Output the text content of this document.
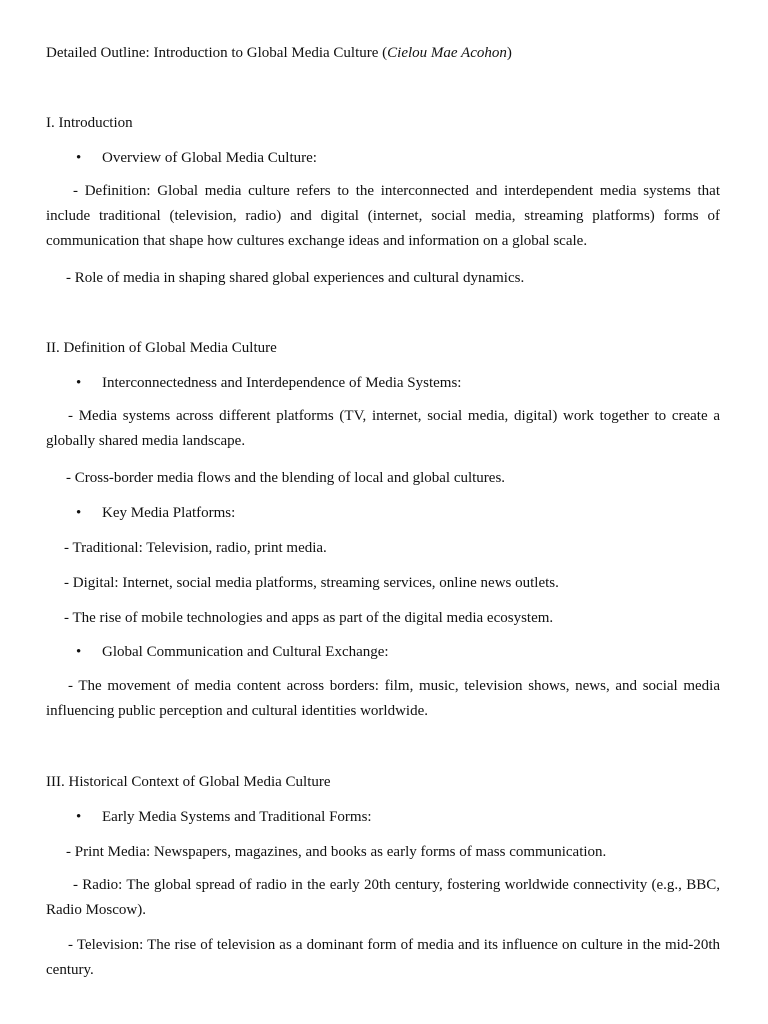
Detailed Outline: Introduction to Global Media Culture (Cielou Mae Acohon)
I. Introduction
• Overview of Global Media Culture:
- Definition: Global media culture refers to the interconnected and interdependent media systems that include traditional (television, radio) and digital (internet, social media, streaming platforms) forms of communication that shape how cultures exchange ideas and information on a global scale.
- Role of media in shaping shared global experiences and cultural dynamics.
II. Definition of Global Media Culture
• Interconnectedness and Interdependence of Media Systems:
- Media systems across different platforms (TV, internet, social media, digital) work together to create a globally shared media landscape.
- Cross-border media flows and the blending of local and global cultures.
• Key Media Platforms:
- Traditional: Television, radio, print media.
- Digital: Internet, social media platforms, streaming services, online news outlets.
- The rise of mobile technologies and apps as part of the digital media ecosystem.
• Global Communication and Cultural Exchange:
- The movement of media content across borders: film, music, television shows, news, and social media influencing public perception and cultural identities worldwide.
III. Historical Context of Global Media Culture
• Early Media Systems and Traditional Forms:
- Print Media: Newspapers, magazines, and books as early forms of mass communication.
- Radio: The global spread of radio in the early 20th century, fostering worldwide connectivity (e.g., BBC, Radio Moscow).
- Television: The rise of television as a dominant form of media and its influence on culture in the mid-20th century.
